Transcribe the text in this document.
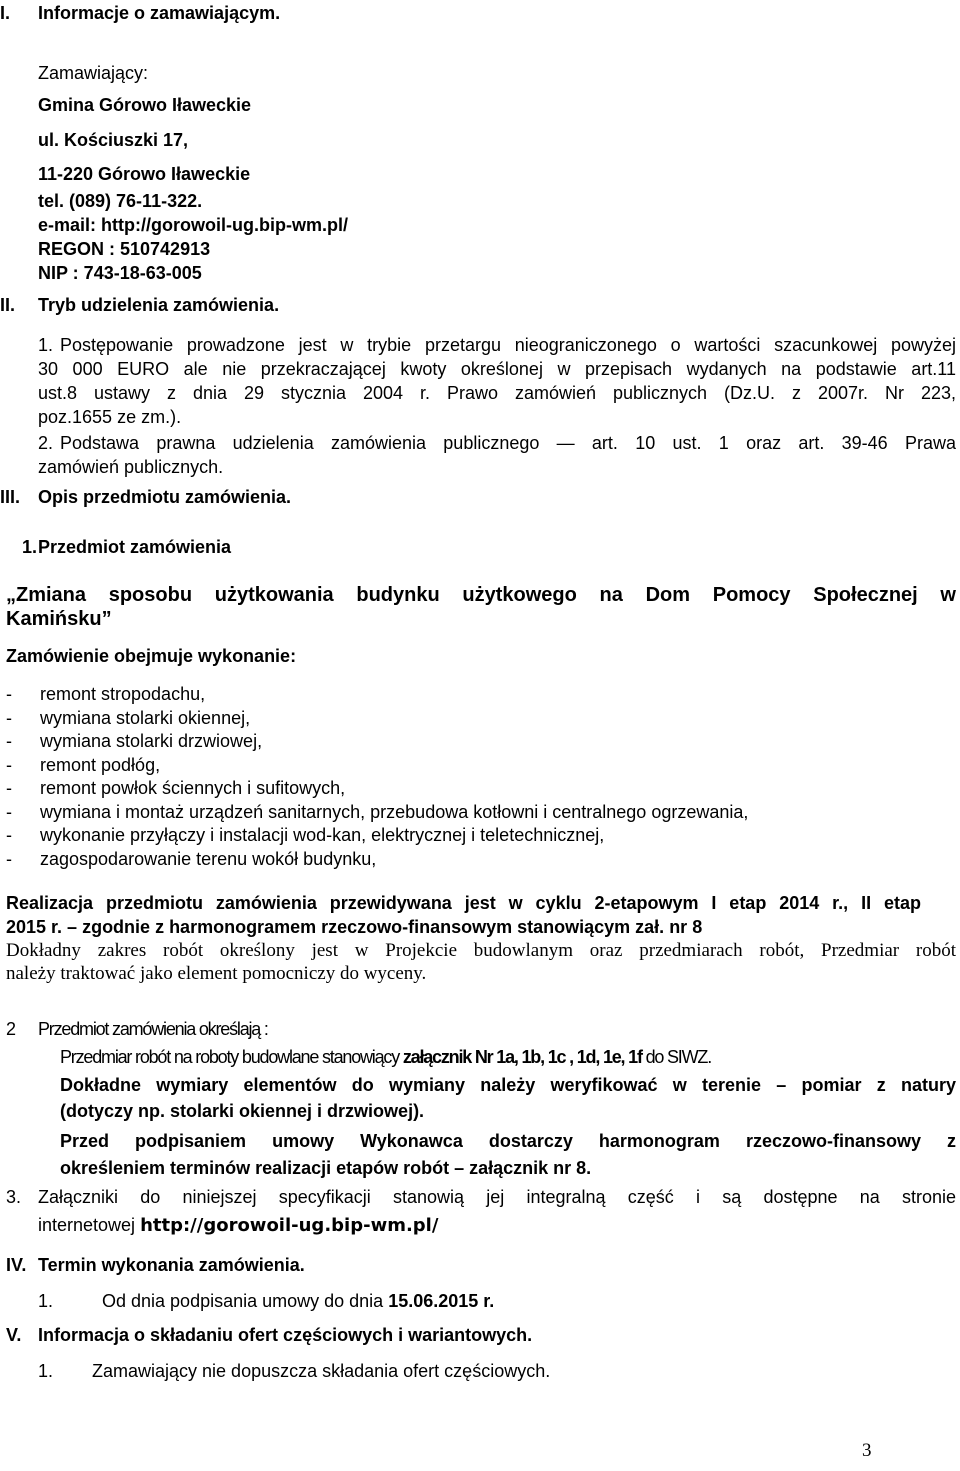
I. Informacje o zamawiającym.
Zamawiający:
Gmina Górowo Iławeckie
ul. Kościuszki 17,
11-220 Górowo Iławeckie
tel. (089) 76-11-322.
e-mail: http://gorowoil-ug.bip-wm.pl/
REGON : 510742913
NIP : 743-18-63-005
II. Tryb udzielenia zamówienia.
1. Postępowanie prowadzone jest w trybie przetargu nieograniczonego o wartości szacunkowej powyżej
30 000 EURO ale nie przekraczającej kwoty określonej w przepisach wydanych na podstawie art.11
ust.8 ustawy z dnia 29 stycznia 2004 r. Prawo zamówień publicznych (Dz.U. z 2007r. Nr 223,
poz.1655 ze zm.).
2. Podstawa prawna udzielenia zamówienia publicznego — art. 10 ust. 1 oraz art. 39-46 Prawa
zamówień publicznych.
III. Opis przedmiotu zamówienia.
1. Przedmiot zamówienia
„Zmiana sposobu użytkowania budynku użytkowego na Dom Pomocy Społecznej w
Kamińsku”
Zamówienie obejmuje wykonanie:
- remont stropodachu,
- wymiana stolarki okiennej,
- wymiana stolarki drzwiowej,
- remont podłóg,
- remont powłok ściennych i sufitowych,
- wymiana i montaż urządzeń sanitarnych, przebudowa kotłowni i centralnego ogrzewania,
- wykonanie przyłączy i instalacji wod-kan, elektrycznej i teletechnicznej,
- zagospodarowanie terenu wokół budynku,
Realizacja przedmiotu zamówienia przewidywana jest w cyklu 2-etapowym I etap 2014 r., II etap
2015 r. – zgodnie z harmonogramem rzeczowo-finansowym stanowiącym zał. nr 8
Dokładny zakres robót określony jest w Projekcie budowlanym oraz przedmiarach robót, Przedmiar robót
należy traktować jako element pomocniczy do wyceny.
2 Przedmiot zamówienia określają :
Przedmiar robót na roboty budowlane stanowiący załącznik Nr 1a, 1b, 1c , 1d, 1e, 1f do SIWZ.
Dokładne wymiary elementów do wymiany należy weryfikować w terenie – pomiar z natury
(dotyczy np. stolarki okiennej i drzwiowej).
Przed podpisaniem umowy Wykonawca dostarczy harmonogram rzeczowo-finansowy z
określeniem terminów realizacji etapów robót – załącznik nr 8.
3. Załączniki do niniejszej specyfikacji stanowią jej integralną część i są dostępne na stronie
internetowej http://gorowoil-ug.bip-wm.pl/
IV. Termin wykonania zamówienia.
1.	Od dnia podpisania umowy do dnia 15.06.2015 r.
V. Informacja o składaniu ofert częściowych i wariantowych.
1. Zamawiający nie dopuszcza składania ofert częściowych.
3
